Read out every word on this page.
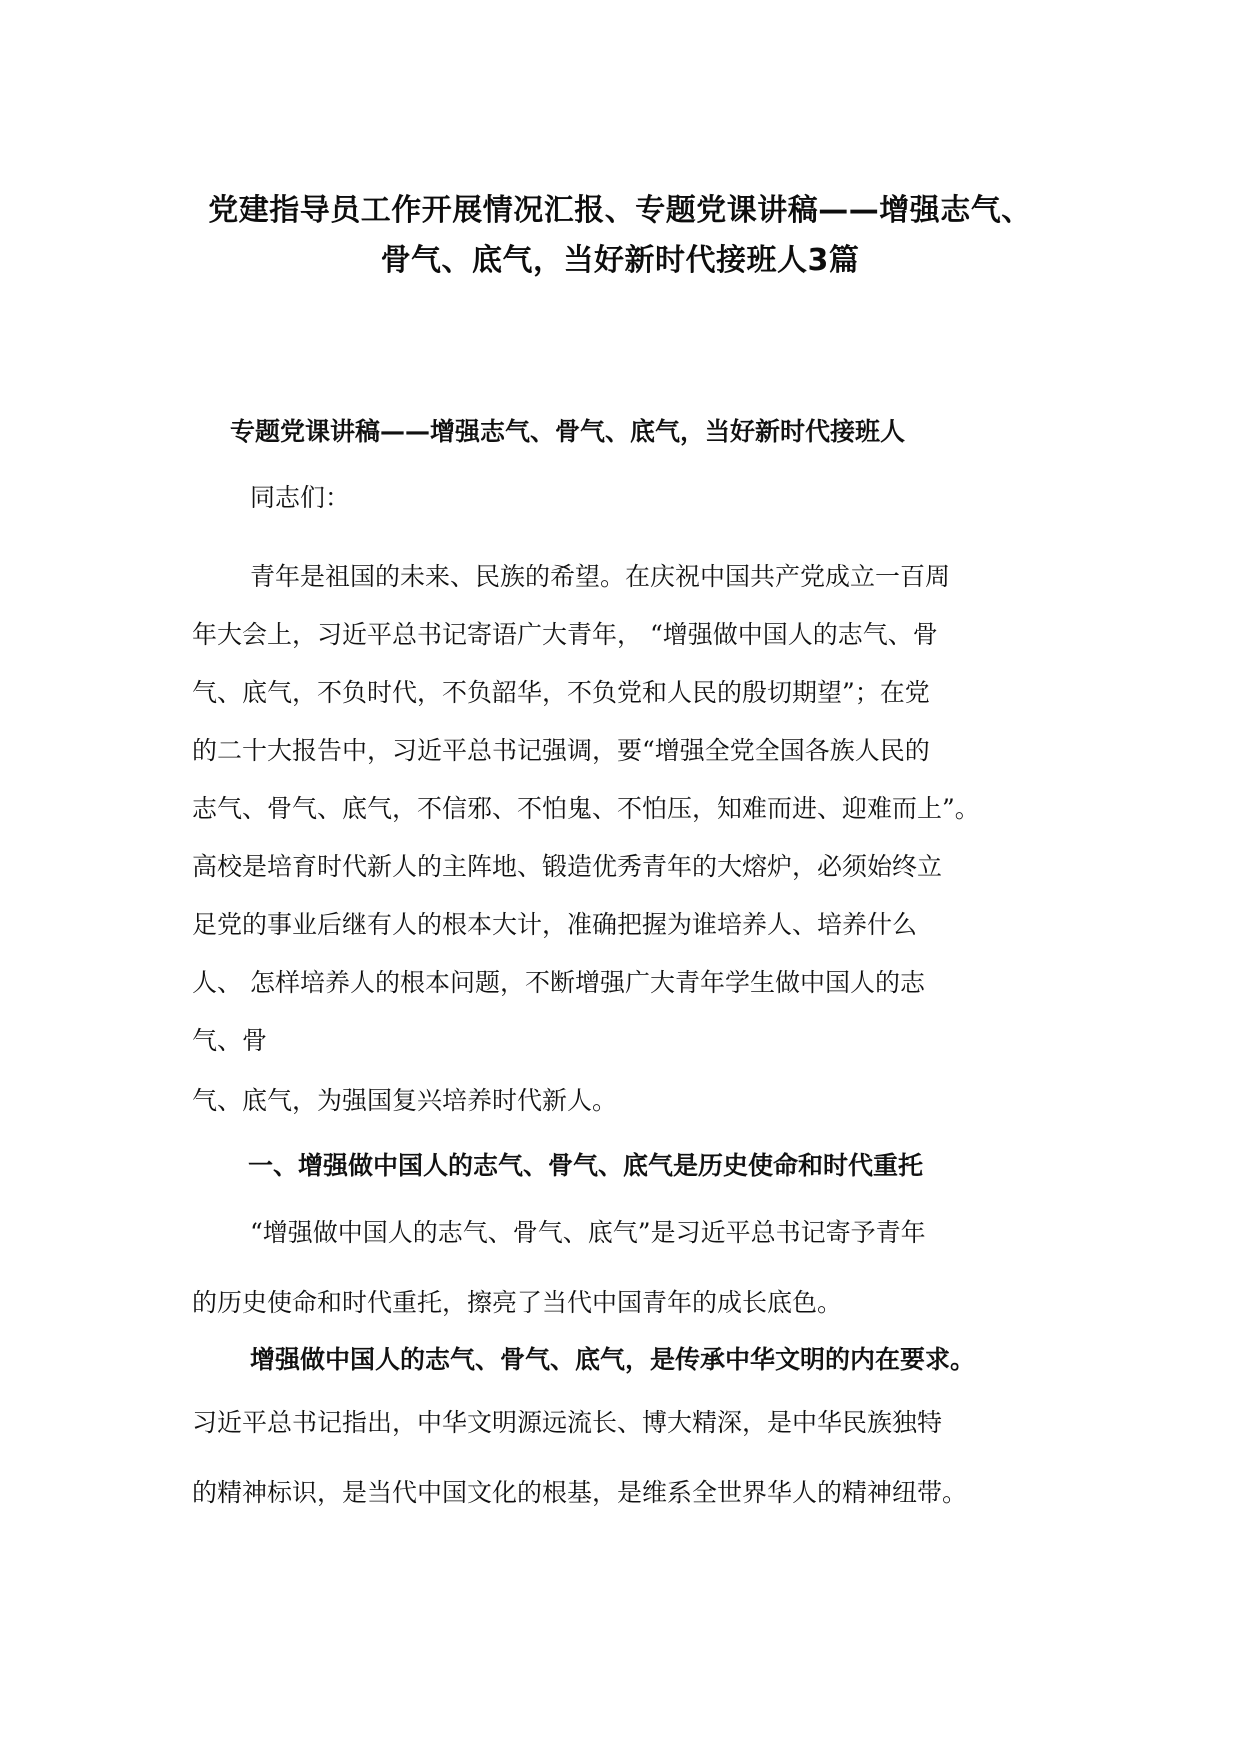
党建指导员工作开展情况汇报、专题党课讲稿——增强志气、
骨气、底气，当好新时代接班人3篇
专题党课讲稿——增强志气、骨气、底气，当好新时代接班人
同志们：
青年是祖国的未来、民族的希望。在庆祝中国共产党成立一百周
年大会上，习近平总书记寄语广大青年， “增强做中国人的志气、骨
气、底气，不负时代，不负韶华，不负党和人民的殷切期望”；在党
的二十大报告中，习近平总书记强调，要“增强全党全国各族人民的
志气、骨气、底气，不信邪、不怕鬼、不怕压，知难而进、迎难而上”。
高校是培育时代新人的主阵地、锻造优秀青年的大熔炉，必须始终立
足党的事业后继有人的根本大计，准确把握为谁培养人、培养什么
人、 怎样培养人的根本问题，不断增强广大青年学生做中国人的志
气、骨
气、底气，为强国复兴培养时代新人。
一、增强做中国人的志气、骨气、底气是历史使命和时代重托
“增强做中国人的志气、骨气、底气”是习近平总书记寄予青年
的历史使命和时代重托，擦亮了当代中国青年的成长底色。
增强做中国人的志气、骨气、底气，是传承中华文明的内在要求。
习近平总书记指出，中华文明源远流长、博大精深，是中华民族独特
的精神标识，是当代中国文化的根基，是维系全世界华人的精神纽带。
